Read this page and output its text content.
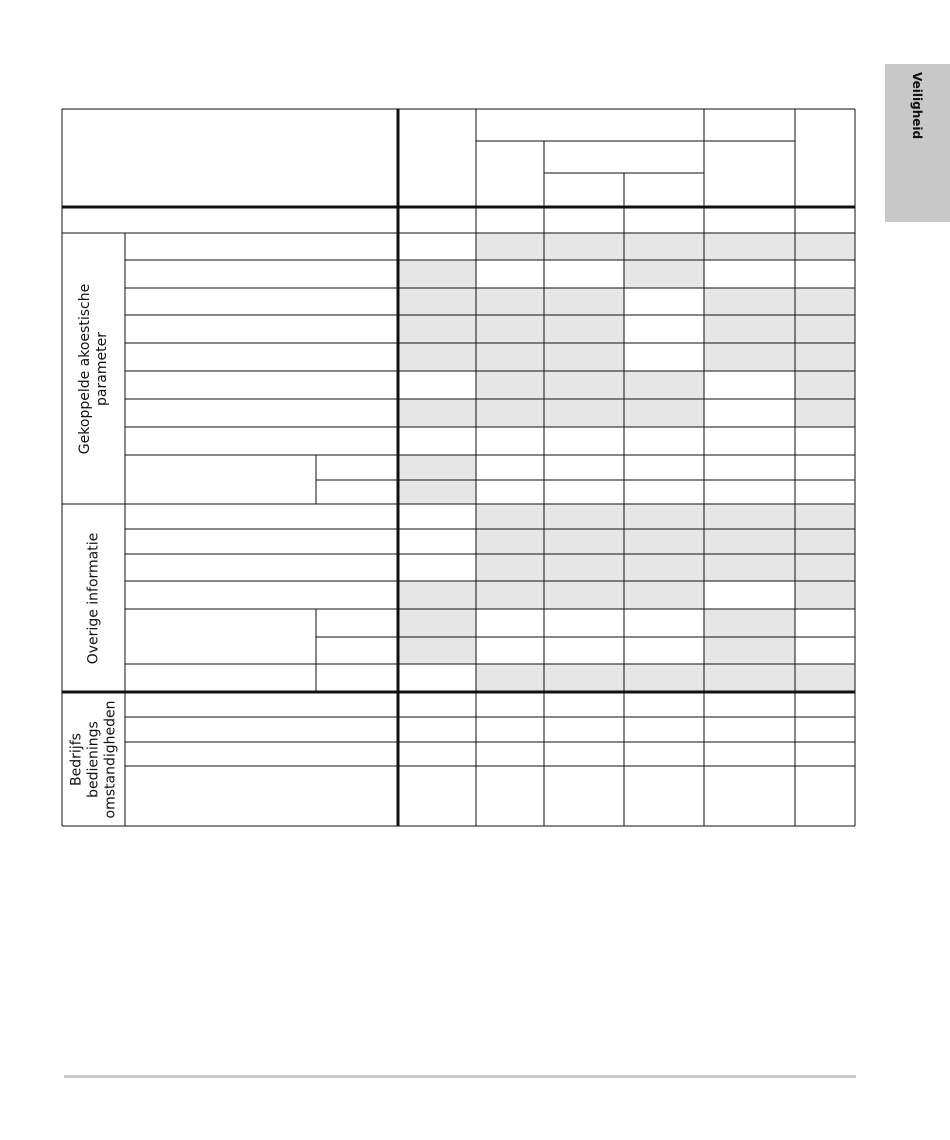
Veiligheid
Gekoppelde akoestische parameter
Overige informatie
Bedrijfs bedienings omstandigheden
